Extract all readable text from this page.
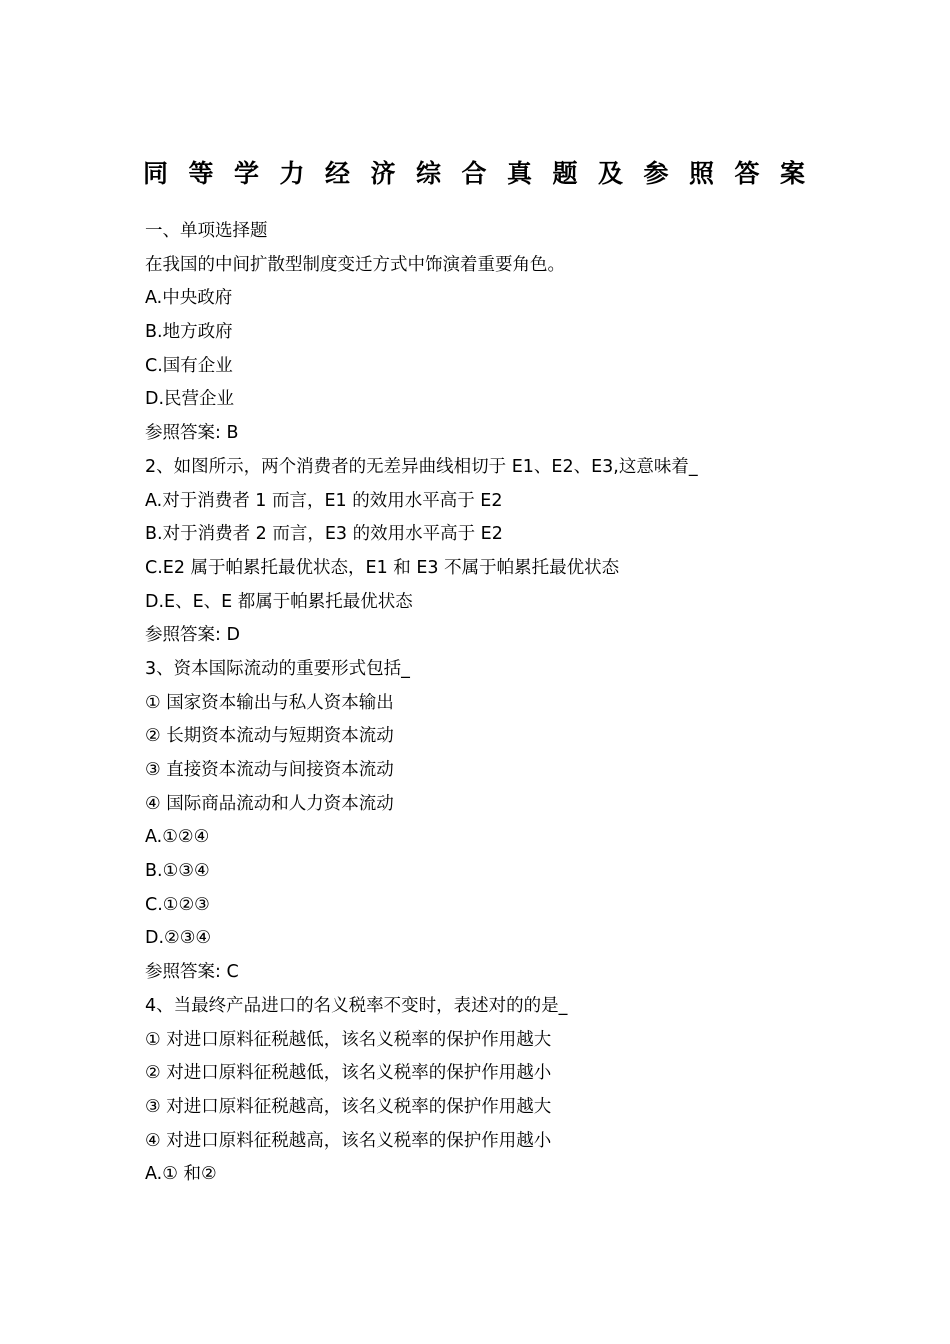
同等学力经济综合真题及参照答案
一、单项选择题
在我国的中间扩散型制度变迁方式中饰演着重要角色。
A.中央政府
B.地方政府
C.国有企业
D.民营企业
参照答案: B
2、如图所示，两个消费者的无差异曲线相切于 E1、E2、E3,这意味着_
A.对于消费者 1 而言，E1 的效用水平高于 E2
B.对于消费者 2 而言，E3 的效用水平高于 E2
C.E2 属于帕累托最优状态，E1 和 E3 不属于帕累托最优状态
D.E、E、E 都属于帕累托最优状态
参照答案: D
3、资本国际流动的重要形式包括_
① 国家资本输出与私人资本输出
② 长期资本流动与短期资本流动
③ 直接资本流动与间接资本流动
④ 国际商品流动和人力资本流动
A.①②④
B.①③④
C.①②③
D.②③④
参照答案: C
4、当最终产品进口的名义税率不变时，表述对的的是_
① 对进口原料征税越低，该名义税率的保护作用越大
② 对进口原料征税越低，该名义税率的保护作用越小
③ 对进口原料征税越高，该名义税率的保护作用越大
④ 对进口原料征税越高，该名义税率的保护作用越小
A.① 和②
